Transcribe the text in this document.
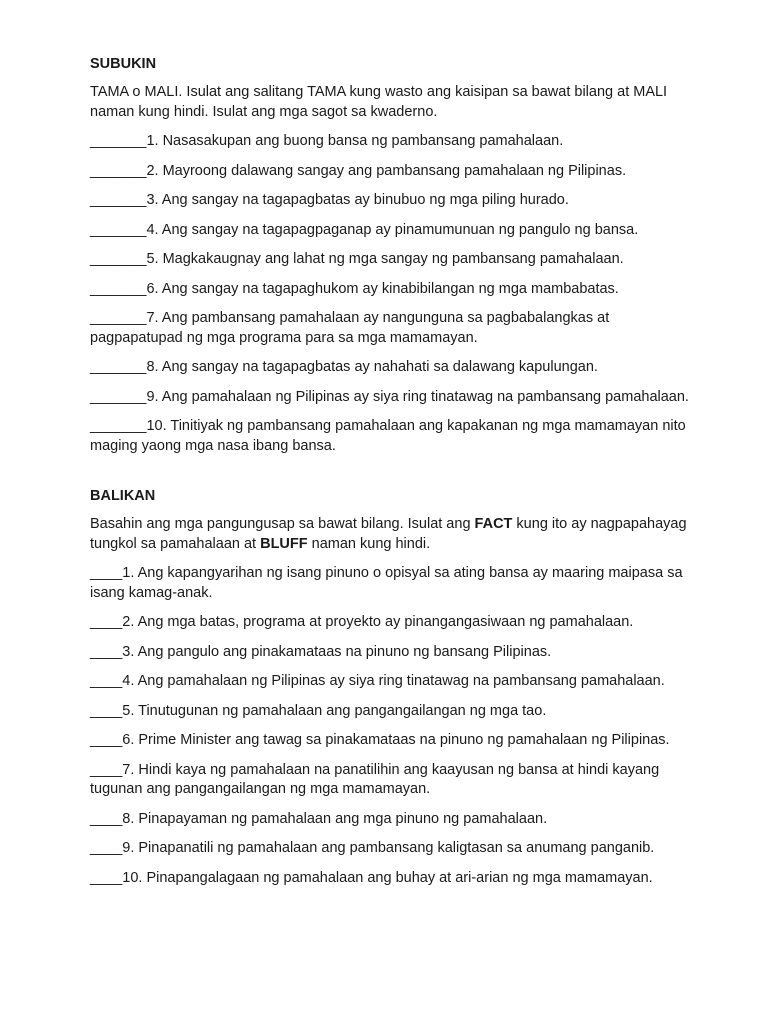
SUBUKIN
TAMA o MALI. Isulat ang salitang TAMA kung wasto ang kaisipan sa bawat bilang at MALI naman kung hindi. Isulat ang mga sagot sa kwaderno.
_______1. Nasasakupan ang buong bansa ng pambansang pamahalaan.
_______2. Mayroong dalawang sangay ang pambansang pamahalaan ng Pilipinas.
_______3. Ang sangay na tagapagbatas ay binubuo ng mga piling hurado.
_______4. Ang sangay na tagapagpaganap ay pinamumunuan ng pangulo ng bansa.
_______5. Magkakaugnay ang lahat ng mga sangay ng pambansang pamahalaan.
_______6. Ang sangay na tagapaghukom ay kinabibilangan ng mga mambabatas.
_______7. Ang pambansang pamahalaan ay nangunguna sa pagbabalangkas at pagpapatupad ng mga programa para sa mga mamamayan.
_______8. Ang sangay na tagapagbatas ay nahahati sa dalawang kapulungan.
_______9. Ang pamahalaan ng Pilipinas ay siya ring tinatawag na pambansang pamahalaan.
_______10. Tinitiyak ng pambansang pamahalaan ang kapakanan ng mga mamamayan nito maging yaong mga nasa ibang bansa.
BALIKAN
Basahin ang mga pangungusap sa bawat bilang. Isulat ang FACT kung ito ay nagpapahayag tungkol sa pamahalaan at BLUFF naman kung hindi.
____1. Ang kapangyarihan ng isang pinuno o opisyal sa ating bansa ay maaring maipasa sa isang kamag-anak.
____2. Ang mga batas, programa at proyekto ay pinangangasiwaan ng pamahalaan.
____3. Ang pangulo ang pinakamataas na pinuno ng bansang Pilipinas.
____4. Ang pamahalaan ng Pilipinas ay siya ring tinatawag na pambansang pamahalaan.
____5. Tinutugunan ng pamahalaan ang pangangailangan ng mga tao.
____6. Prime Minister ang tawag sa pinakamataas na pinuno ng pamahalaan ng Pilipinas.
____7. Hindi kaya ng pamahalaan na panatilihin ang kaayusan ng bansa at hindi kayang tugunan ang pangangailangan ng mga mamamayan.
____8. Pinapayaman ng pamahalaan ang mga pinuno ng pamahalaan.
____9. Pinapanatili ng pamahalaan ang pambansang kaligtasan sa anumang panganib.
____10. Pinapangalagaan ng pamahalaan ang buhay at ari-arian ng mga mamamayan.
